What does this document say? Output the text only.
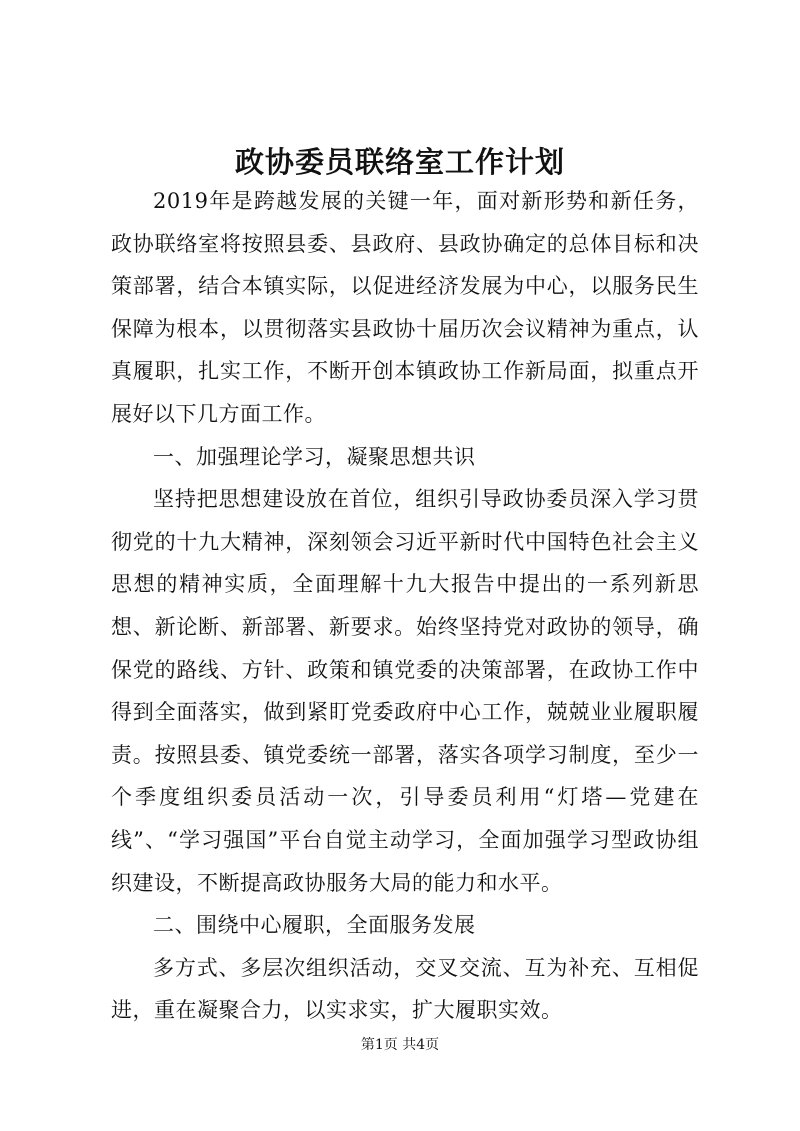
政协委员联络室工作计划

2019年是跨越发展的关键一年，面对新形势和新任务，政协联络室将按照县委、县政府、县政协确定的总体目标和决策部署，结合本镇实际，以促进经济发展为中心，以服务民生保障为根本，以贯彻落实县政协十届历次会议精神为重点，认真履职，扎实工作，不断开创本镇政协工作新局面，拟重点开展好以下几方面工作。

一、加强理论学习，凝聚思想共识

坚持把思想建设放在首位，组织引导政协委员深入学习贯彻党的十九大精神，深刻领会习近平新时代中国特色社会主义思想的精神实质，全面理解十九大报告中提出的一系列新思想、新论断、新部署、新要求。始终坚持党对政协的领导，确保党的路线、方针、政策和镇党委的决策部署，在政协工作中得到全面落实，做到紧盯党委政府中心工作，兢兢业业履职履责。按照县委、镇党委统一部署，落实各项学习制度，至少一个季度组织委员活动一次，引导委员利用“灯塔—党建在线”、“学习强国”平台自觉主动学习，全面加强学习型政协组织建设，不断提高政协服务大局的能力和水平。

二、围绕中心履职，全面服务发展

多方式、多层次组织活动，交叉交流、互为补充、互相促进，重在凝聚合力，以实求实，扩大履职实效。

第1页 共4页
